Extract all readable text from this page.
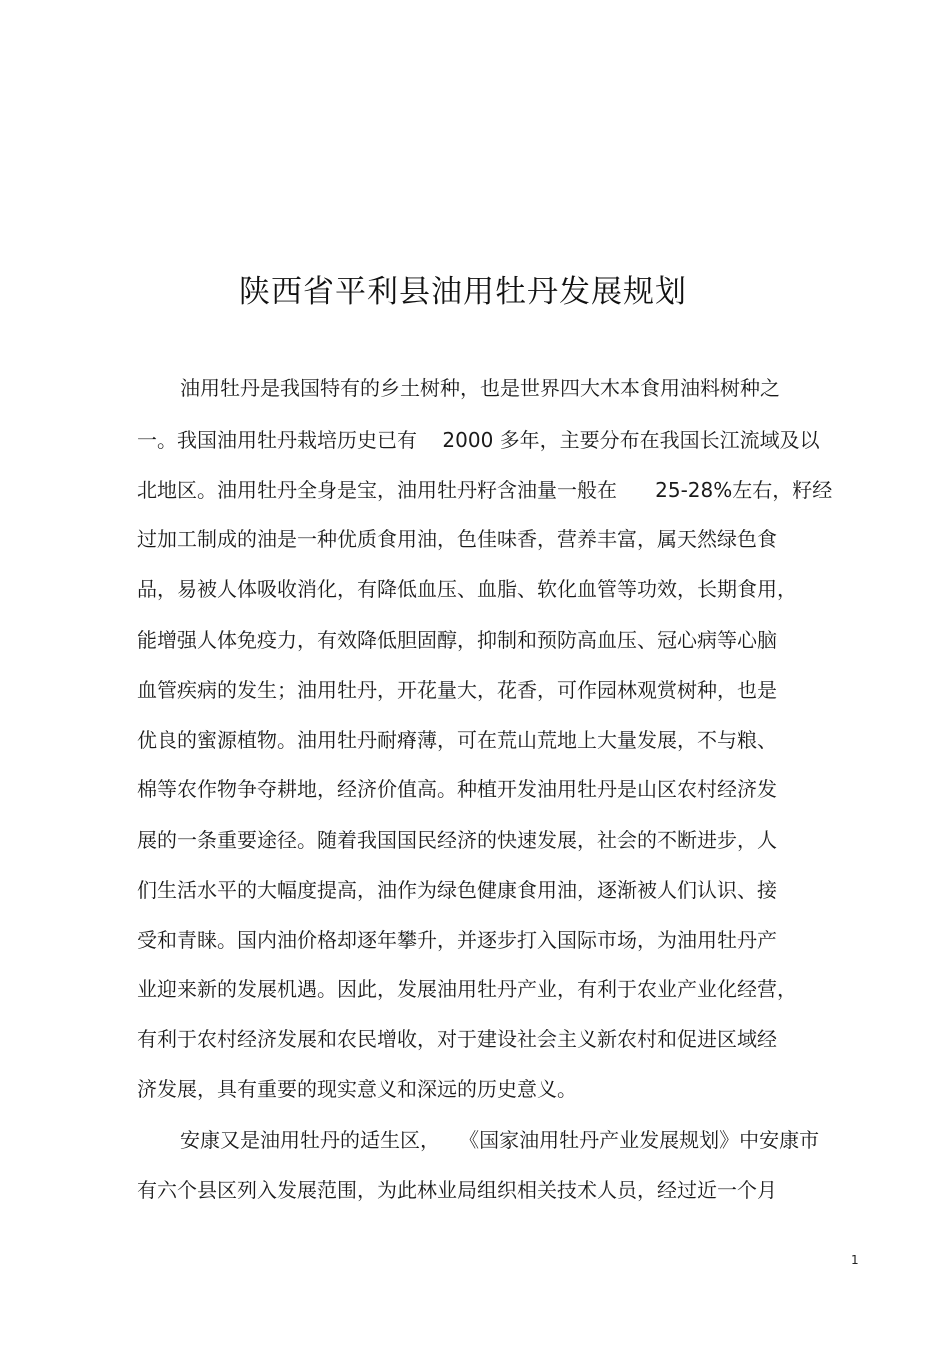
陕西省平利县油用牡丹发展规划
油用牡丹是我国特有的乡土树种，也是世界四大木本食用油料树种之
一。我国油用牡丹栽培历史已有    2000 多年，主要分布在我国长江流域及以
北地区。油用牡丹全身是宝，油用牡丹籽含油量一般在      25-28%左右，籽经
过加工制成的油是一种优质食用油，色佳味香，营养丰富，属天然绿色食
品，易被人体吸收消化，有降低血压、血脂、软化血管等功效，长期食用，
能增强人体免疫力，有效降低胆固醇，抑制和预防高血压、冠心病等心脑
血管疾病的发生；油用牡丹，开花量大，花香，可作园林观赏树种，也是
优良的蜜源植物。油用牡丹耐瘠薄，可在荒山荒地上大量发展，不与粮、
棉等农作物争夺耕地，经济价值高。种植开发油用牡丹是山区农村经济发
展的一条重要途径。随着我国国民经济的快速发展，社会的不断进步，人
们生活水平的大幅度提高，油作为绿色健康食用油，逐渐被人们认识、接
受和青睐。国内油价格却逐年攀升，并逐步打入国际市场，为油用牡丹产
业迎来新的发展机遇。因此，发展油用牡丹产业，有利于农业产业化经营，
有利于农村经济发展和农民增收，对于建设社会主义新农村和促进区域经
济发展，具有重要的现实意义和深远的历史意义。
安康又是油用牡丹的适生区，   《国家油用牡丹产业发展规划》中安康市
有六个县区列入发展范围，为此林业局组织相关技术人员，经过近一个月
1
